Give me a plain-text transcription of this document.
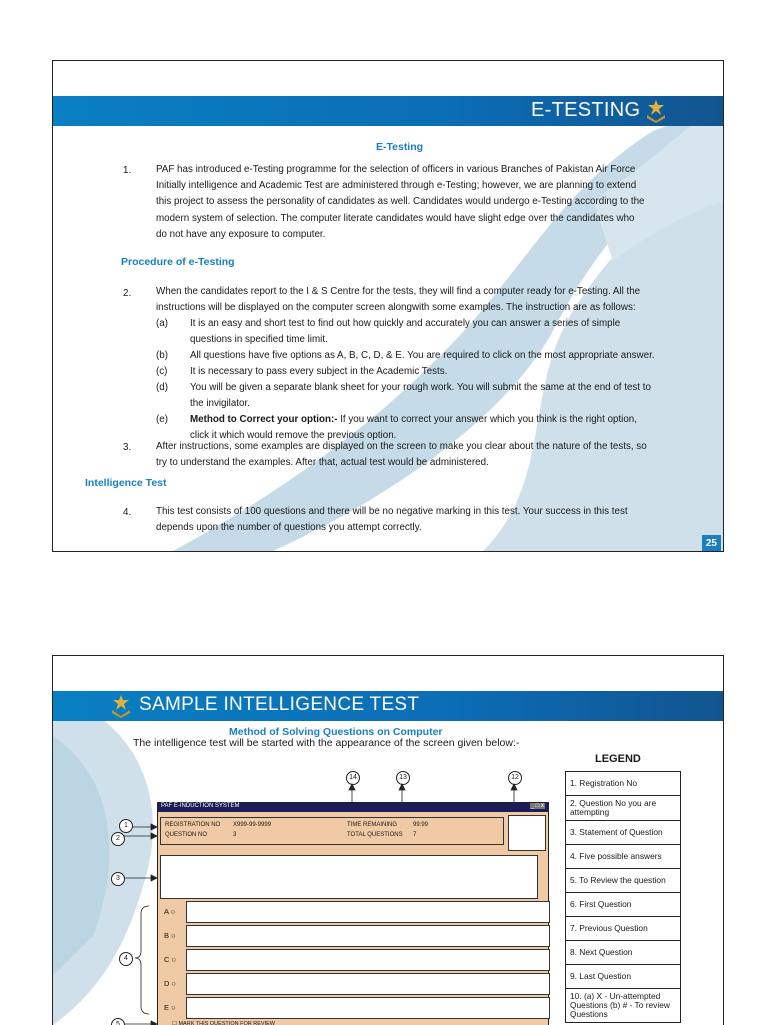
E-TESTING
E-Testing
1.	PAF has introduced e-Testing programme for the selection of officers in various Branches of Pakistan Air Force
Initially intelligence and Academic Test are administered through e-Testing; however, we are planning to extend
this project to assess the personality of candidates as well. Candidates would undergo e-Testing according to the
modern system of selection. The computer literate candidates would have slight edge over the candidates who
do not have any exposure to computer.
Procedure of e-Testing
2.	When the candidates report to the I & S Centre for the tests, they will find a computer ready for e-Testing. All the
instructions will be displayed on the computer screen alongwith some examples. The instruction are as follows:
(a) It is an easy and short test to find out how quickly and accurately you can answer a series of simple
questions in specified time limit.
(b) All questions have five options as A, B, C, D, & E. You are required to click on the most appropriate answer.
(c) It is necessary to pass every subject in the Academic Tests.
(d) You will be given a separate blank sheet for your rough work. You will submit the same at the end of test to
the invigilator.
(e) Method to Correct your option:- If you want to correct your answer which you think is the right option,
click it which would remove the previous option.
3.	After instructions, some examples are displayed on the screen to make you clear about the nature of the tests, so
try to understand the examples. After that, actual test would be administered.
Intelligence Test
4.	This test consists of 100 questions and there will be no negative marking in this test. Your success in this test
depends upon the number of questions you attempt correctly.
25
SAMPLE INTELLIGENCE TEST
Method of Solving Questions on Computer
The intelligence test will be started with the appearance of the screen given below:-
LEGEND
1. Registration No
2. Question No you are attempting
3. Statement of Question
4. Five possible answers
5. To Review the question
6. First Question
7. Previous Question
8. Next Question
9. Last Question
10. (a) X - Un-attempted Questions (b) # - To review Questions
14	13	12
1
2
3
4
5
PAF E-INDUCTION SYSTEM	_ □ x
REGISTRATION NO X999-99-9999
QUESTION NO	3
TIME REMAINING	99:99
TOTAL QUESTIONS 7
A ○
B ○
C ○
D ○
E ○
☐ MARK THIS QUESTION FOR REVIEW
